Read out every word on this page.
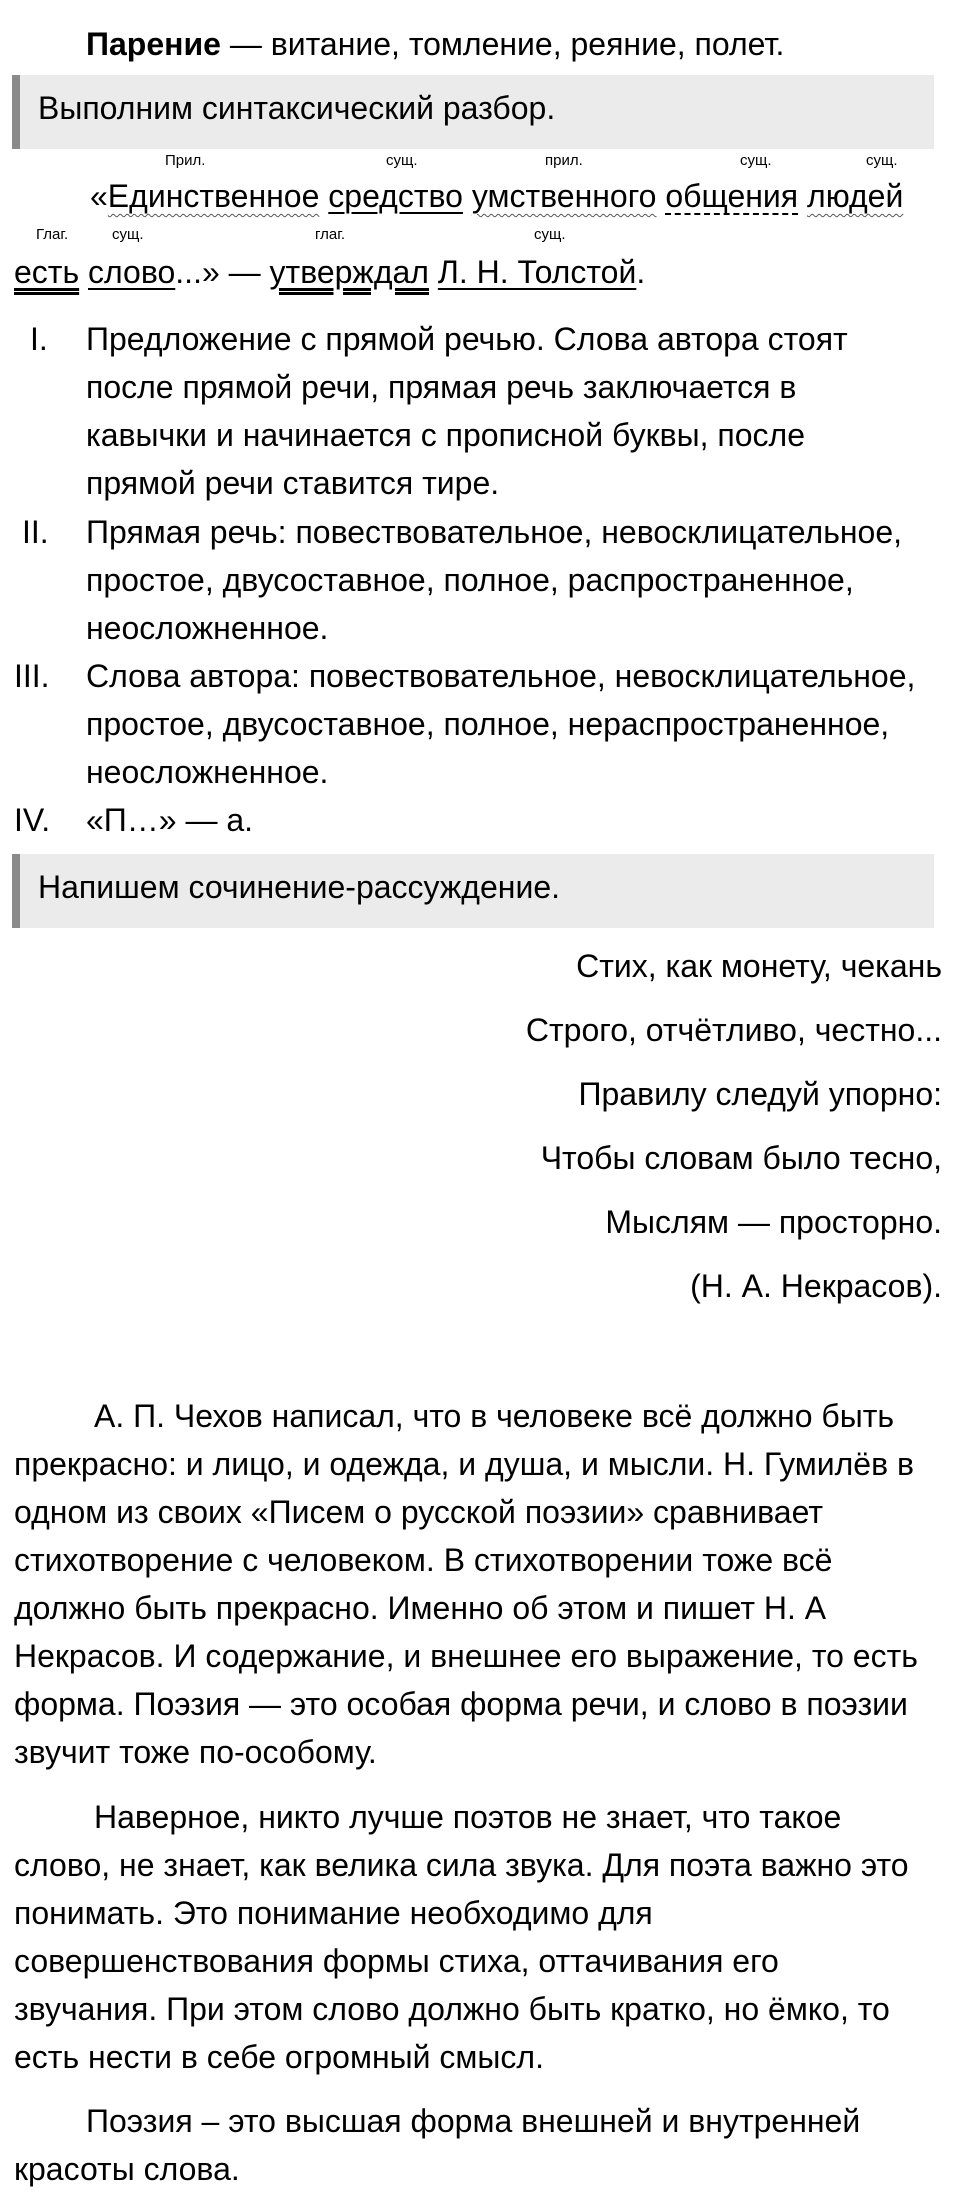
Парение — витание, томление, реяние, полет.
Выполним синтаксический разбор.
Прил.	сущ.	прил.	сущ.	сущ.
«Единственное средство умственного общения людей
Глаг.	сущ.	глаг.	сущ.
есть слово...» — утверждал Л. Н. Толстой.
I.	Предложение с прямой речью. Слова автора стоят
после прямой речи, прямая речь заключается в
кавычки и начинается с прописной буквы, после
прямой речи ставится тире.
II.	Прямая речь: повествовательное, невосклицательное,
простое, двусоставное, полное, распространенное,
неосложненное.
III. Слова автора: повествовательное, невосклицательное,
простое, двусоставное, полное, нераспространенное,
неосложненное.
IV. «П…» — а.
Напишем сочинение-рассуждение.
Стих, как монету, чекань
Строго, отчётливо, честно...
Правилу следуй упорно:
Чтобы словам было тесно,
Мыслям — просторно.
(Н. А. Некрасов).
А. П. Чехов написал, что в человеке всё должно быть
прекрасно: и лицо, и одежда, и душа, и мысли. Н. Гумилёв в
одном из своих «Писем о русской поэзии» сравнивает
стихотворение с человеком. В стихотворении тоже всё
должно быть прекрасно. Именно об этом и пишет Н. А
Некрасов. И содержание, и внешнее его выражение, то есть
форма. Поэзия — это особая форма речи, и слово в поэзии
звучит тоже по-особому.
Наверное, никто лучше поэтов не знает, что такое
слово, не знает, как велика сила звука. Для поэта важно это
понимать. Это понимание необходимо для
совершенствования формы стиха, оттачивания его
звучания. При этом слово должно быть кратко, но ёмко, то
есть нести в себе огромный смысл.
Поэзия – это высшая форма внешней и внутренней
красоты слова.
